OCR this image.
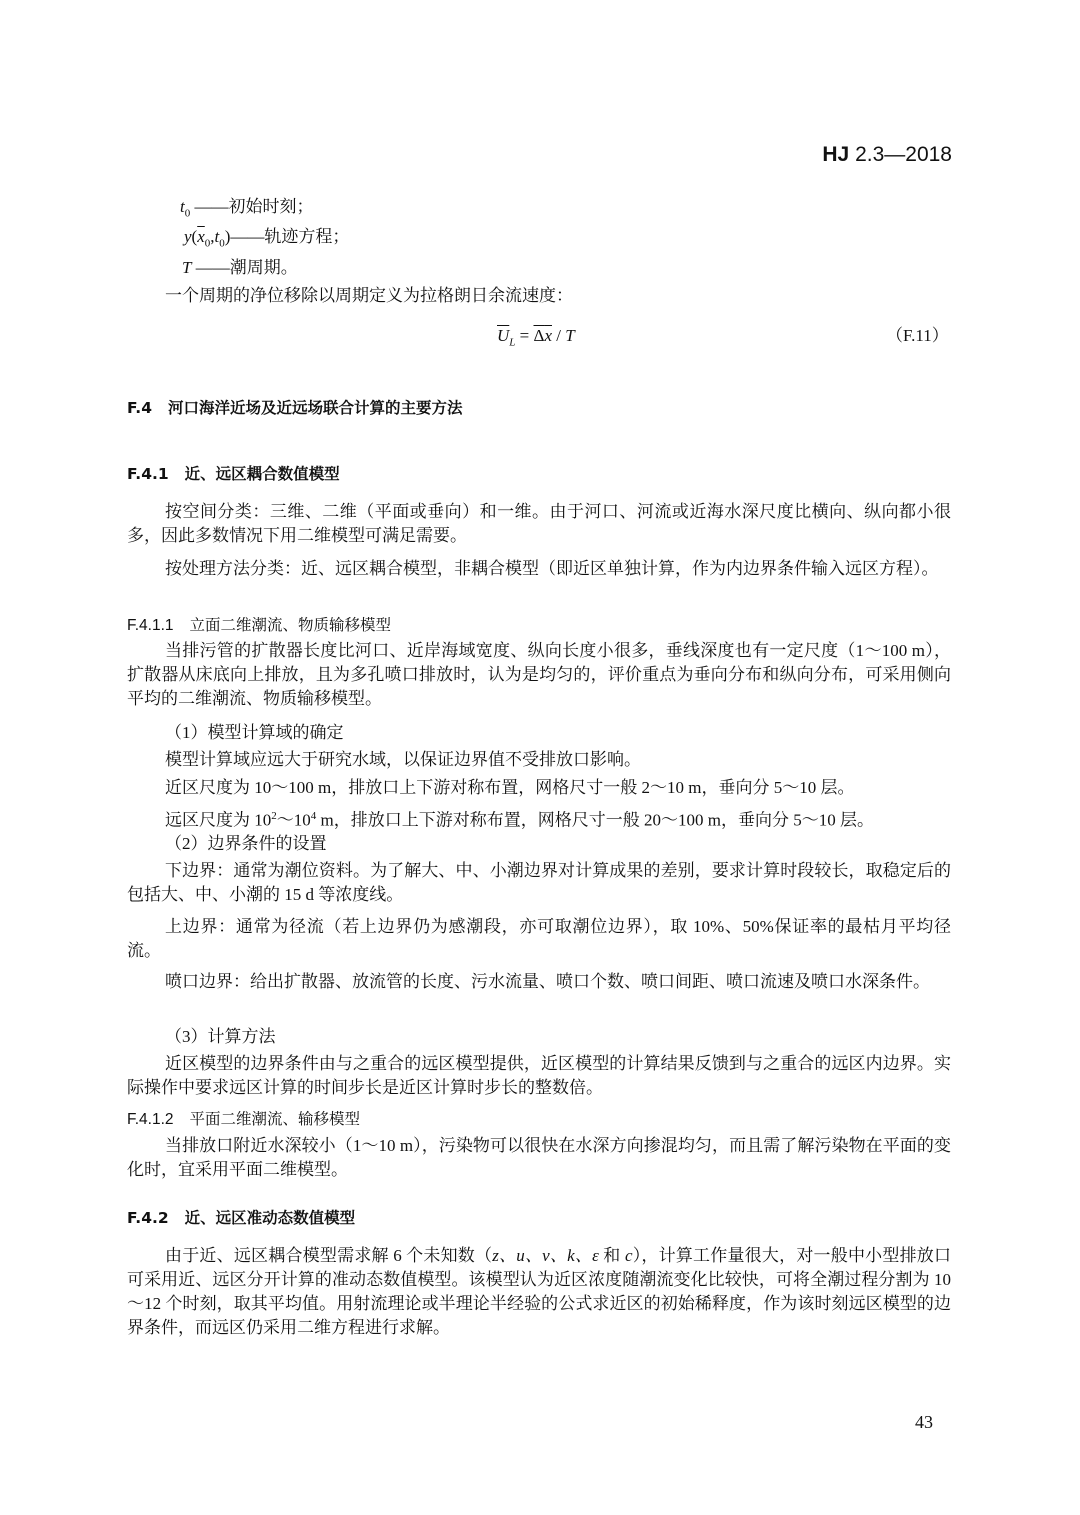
HJ 2.3—2018
$t_0$ ——初始时刻；
$y(\overline{x}_0,t_0)——$轨迹方程；
T ——潮周期。
一个周期的净位移除以周期定义为拉格朗日余流速度：
$\overline{U}_L = \Delta x / T$	（F.11）
F.4 河口海洋近场及近远场联合计算的主要方法
F.4.1 近、远区耦合数值模型
按空间分类：三维、二维（平面或垂向）和一维。由于河口、河流或近海水深尺度比横向、纵向都小很多，因此多数情况下用二维模型可满足需要。
按处理方法分类：近、远区耦合模型，非耦合模型（即近区单独计算，作为内边界条件输入远区方程）。
F.4.1.1 立面二维潮流、物质输移模型
当排污管的扩散器长度比河口、近岸海域宽度、纵向长度小很多，垂线深度也有一定尺度（1～100 m），扩散器从床底向上排放，且为多孔喷口排放时，认为是均匀的，评价重点为垂向分布和纵向分布，可采用侧向平均的二维潮流、物质输移模型。
（1）模型计算域的确定
模型计算域应远大于研究水域，以保证边界值不受排放口影响。
近区尺度为 10～100 m，排放口上下游对称布置，网格尺寸一般 2～10 m，垂向分 5～10 层。
远区尺度为 $10^2\sim 10^4$ m，排放口上下游对称布置，网格尺寸一般 20～100 m，垂向分 5～10 层。
（2）边界条件的设置
下边界：通常为潮位资料。为了解大、中、小潮边界对计算成果的差别，要求计算时段较长，取稳定后的包括大、中、小潮的 15 d 等浓度线。
上边界：通常为径流（若上边界仍为感潮段，亦可取潮位边界），取 10%、50%保证率的最枯月平均径流。
喷口边界：给出扩散器、放流管的长度、污水流量、喷口个数、喷口间距、喷口流速及喷口水深条件。
（3）计算方法
近区模型的边界条件由与之重合的远区模型提供，近区模型的计算结果反馈到与之重合的远区内边界。实际操作中要求远区计算的时间步长是近区计算时步长的整数倍。
F.4.1.2 平面二维潮流、输移模型
当排放口附近水深较小（1～10 m），污染物可以很快在水深方向掺混均匀，而且需了解污染物在平面的变化时，宜采用平面二维模型。
F.4.2 近、远区准动态数值模型
由于近、远区耦合模型需求解 6 个未知数（z、u、v、k、ε 和 c），计算工作量很大，对一般中小型排放口可采用近、远区分开计算的准动态数值模型。该模型认为近区浓度随潮流变化比较快，可将全潮过程分割为 10～12 个时刻，取其平均值。用射流理论或半理论半经验的公式求近区的初始稀释度，作为该时刻远区模型的边界条件，而远区仍采用二维方程进行求解。
43
